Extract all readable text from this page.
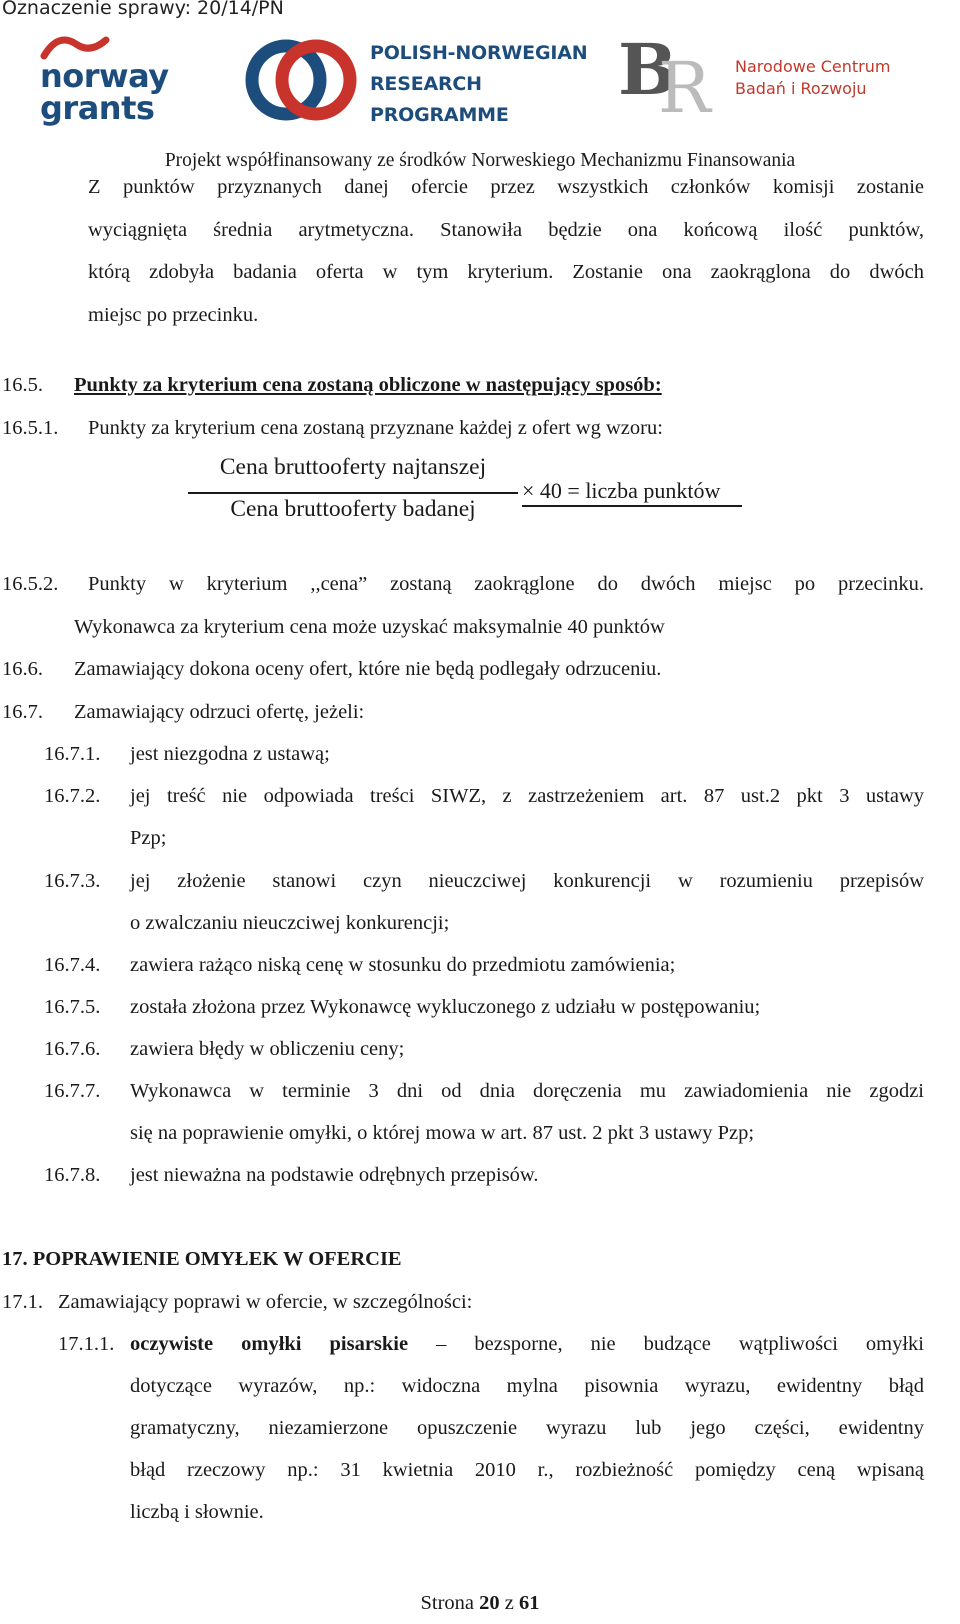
Oznaczenie sprawy: 20/14/PN
norway
grants
POLISH-NORWEGIAN
RESEARCH
PROGRAMME
B
R Narodowe Centrum
Badań i Rozwoju
Projekt współfinansowany ze środków Norweskiego Mechanizmu Finansowania
Z punktów przyznanych danej ofercie przez wszystkich członków komisji zostanie
wyciągnięta średnia arytmetyczna. Stanowiła będzie ona końcową ilość punktów,
którą zdobyła badania oferta w tym kryterium. Zostanie ona zaokrąglona do dwóch
miejsc po przecinku.
16.5. Punkty za kryterium cena zostaną obliczone w następujący sposób:
16.5.1. Punkty za kryterium cena zostaną przyznane każdej z ofert wg wzoru:
Cena bruttooferty najtanszej
Cena bruttooferty badanej
× 40 = liczba punktów
16.5.2. Punkty w kryterium ,,cena” zostaną zaokrąglone do dwóch miejsc po przecinku.
Wykonawca za kryterium cena może uzyskać maksymalnie 40 punktów
16.6. Zamawiający dokona oceny ofert, które nie będą podlegały odrzuceniu.
16.7. Zamawiający odrzuci ofertę, jeżeli:
16.7.1. jest niezgodna z ustawą;
16.7.2. jej treść nie odpowiada treści SIWZ, z zastrzeżeniem art. 87 ust.2 pkt 3 ustawy
Pzp;
16.7.3. jej złożenie stanowi czyn nieuczciwej konkurencji w rozumieniu przepisów
o zwalczaniu nieuczciwej konkurencji;
16.7.4. zawiera rażąco niską cenę w stosunku do przedmiotu zamówienia;
16.7.5. została złożona przez Wykonawcę wykluczonego z udziału w postępowaniu;
16.7.6. zawiera błędy w obliczeniu ceny;
16.7.7. Wykonawca w terminie 3 dni od dnia doręczenia mu zawiadomienia nie zgodzi
się na poprawienie omyłki, o której mowa w art. 87 ust. 2 pkt 3 ustawy Pzp;
16.7.8. jest nieważna na podstawie odrębnych przepisów.
17. POPRAWIENIE OMYŁEK W OFERCIE
17.1. Zamawiający poprawi w ofercie, w szczególności:
17.1.1. oczywiste omyłki pisarskie – bezsporne, nie budzące wątpliwości omyłki
dotyczące wyrazów, np.: widoczna mylna pisownia wyrazu, ewidentny błąd
gramatyczny, niezamierzone opuszczenie wyrazu lub jego części, ewidentny
błąd rzeczowy np.: 31 kwietnia 2010 r., rozbieżność pomiędzy ceną wpisaną
liczbą i słownie.
Strona 20 z 61
